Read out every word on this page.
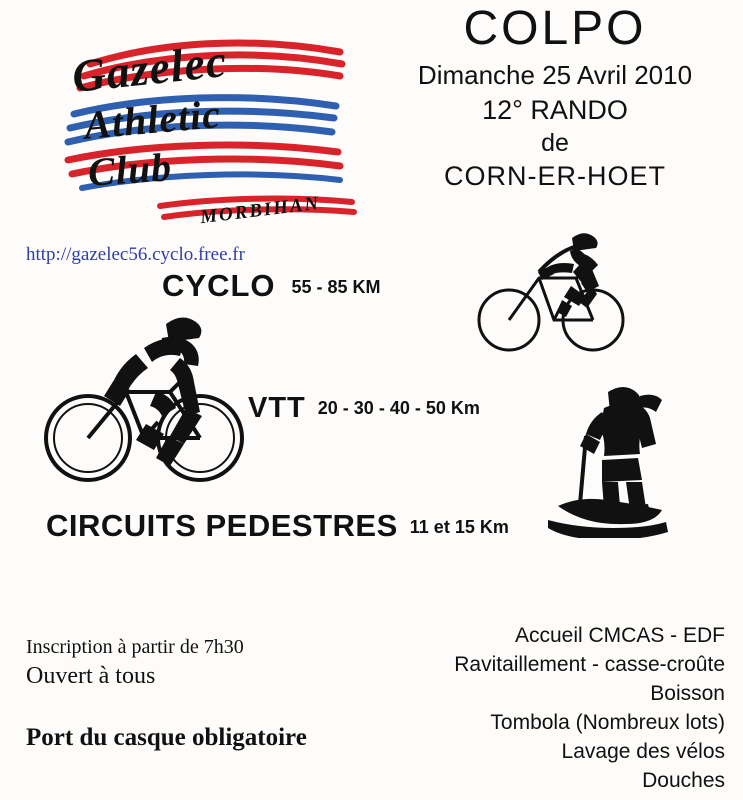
Gazelec
Athletic
Club
MORBIHAN
http://gazelec56.cyclo.free.fr
COLPO
Dimanche 25 Avril 2010
12° RANDO
de
CORN-ER-HOET
CYCLO 55 - 85 KM
VTT 20 - 30 - 40 - 50 Km
CIRCUITS PEDESTRES 11 et 15 Km
Inscription à partir de 7h30
Ouvert à tous
Port du casque obligatoire
Accueil CMCAS - EDF
Ravitaillement - casse-croûte
Boisson
Tombola (Nombreux lots)
Lavage des vélos
Douches
